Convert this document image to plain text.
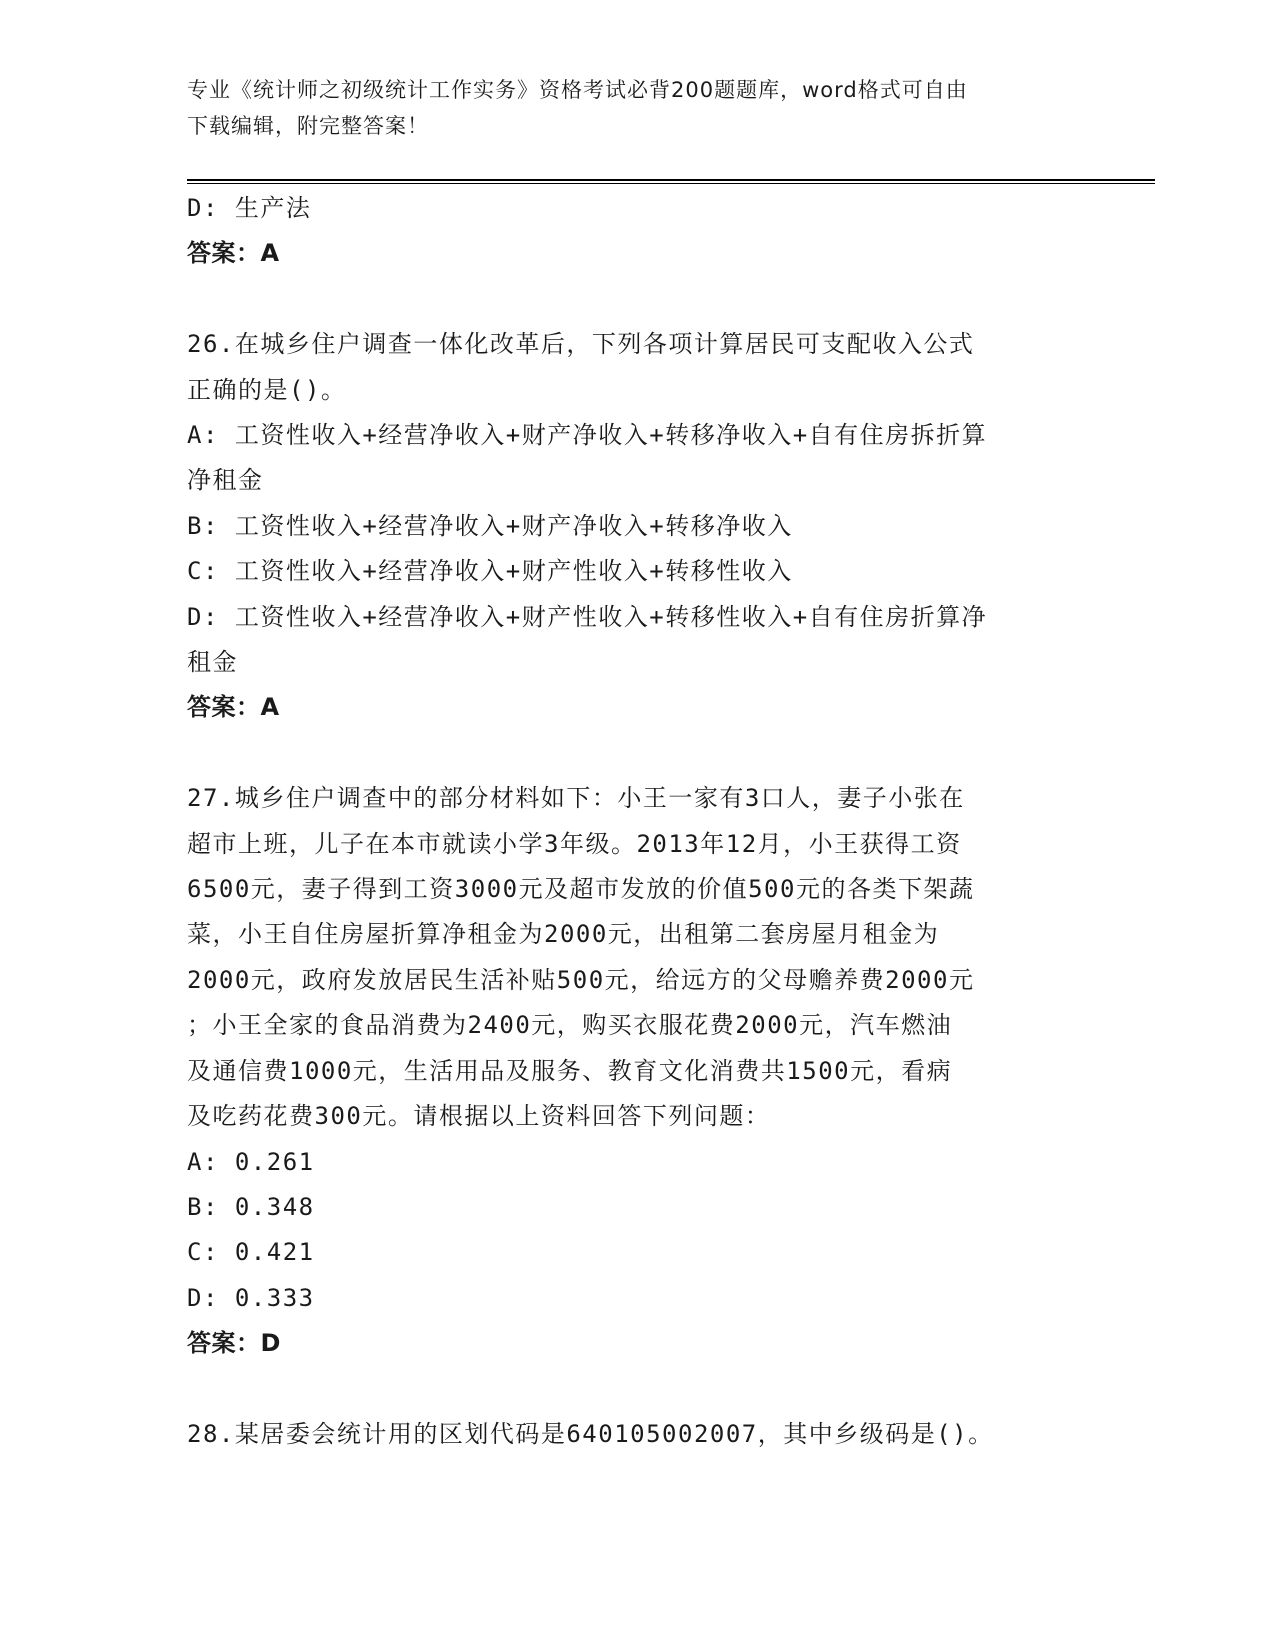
专业《统计师之初级统计工作实务》资格考试必背200题题库，word格式可自由
下载编辑，附完整答案！
D: 生产法
答案：A
26.在城乡住户调查一体化改革后，下列各项计算居民可支配收入公式
正确的是()。
A: 工资性收入+经营净收入+财产净收入+转移净收入+自有住房拆折算
净租金
B: 工资性收入+经营净收入+财产净收入+转移净收入
C: 工资性收入+经营净收入+财产性收入+转移性收入
D: 工资性收入+经营净收入+财产性收入+转移性收入+自有住房折算净
租金
答案：A
27.城乡住户调查中的部分材料如下：小王一家有3口人，妻子小张在
超市上班，儿子在本市就读小学3年级。2013年12月，小王获得工资
6500元，妻子得到工资3000元及超市发放的价值500元的各类下架蔬
菜，小王自住房屋折算净租金为2000元，出租第二套房屋月租金为
2000元，政府发放居民生活补贴500元，给远方的父母赡养费2000元
；小王全家的食品消费为2400元，购买衣服花费2000元，汽车燃油
及通信费1000元，生活用品及服务、教育文化消费共1500元，看病
及吃药花费300元。请根据以上资料回答下列问题：
A: 0.261
B: 0.348
C: 0.421
D: 0.333
答案：D
28.某居委会统计用的区划代码是640105002007，其中乡级码是()。
